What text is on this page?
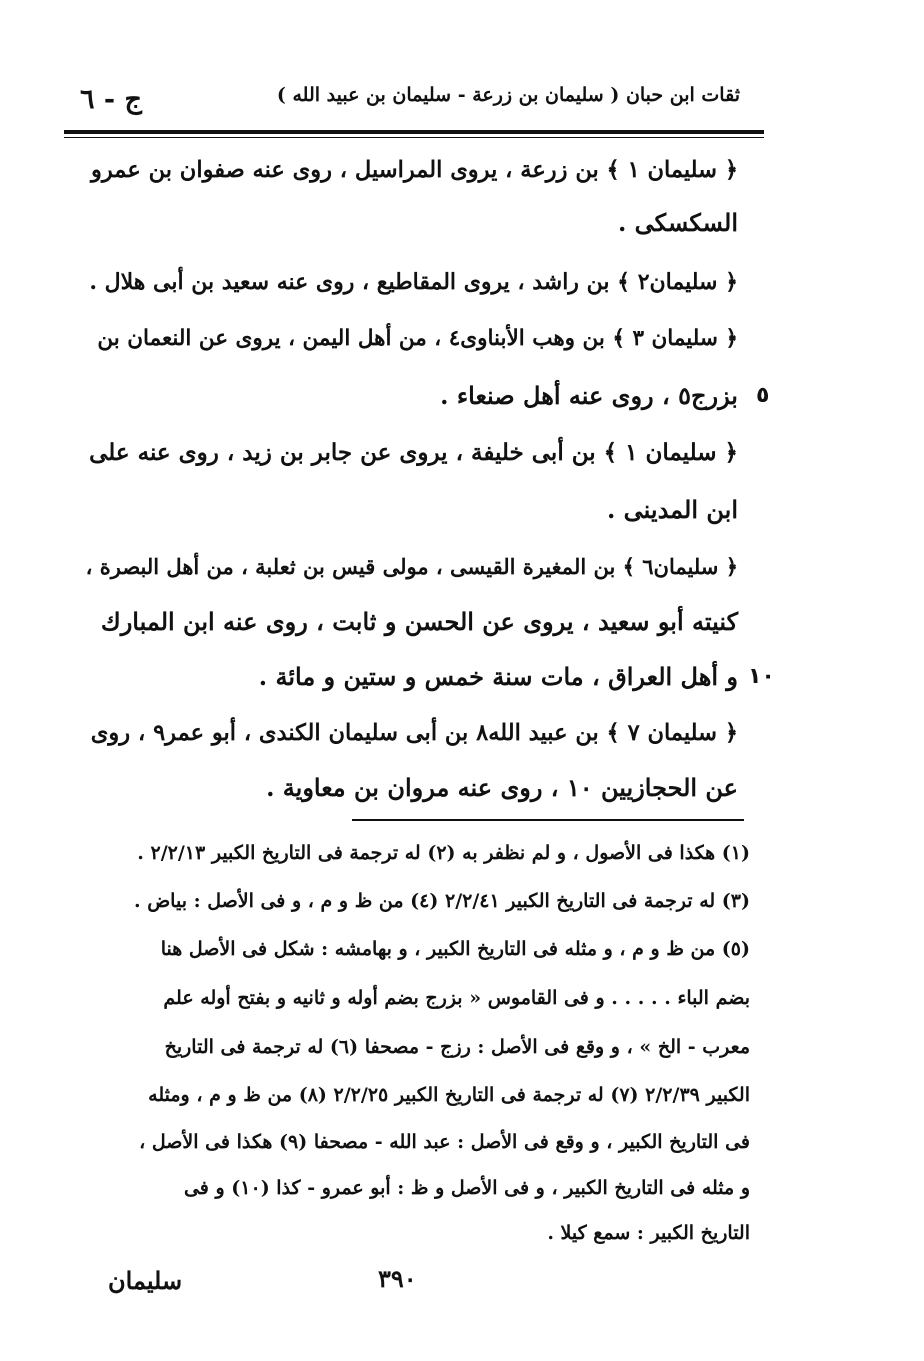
ثقات ابن حبان ( سليمان بن زرعة - سليمان بن عبيد الله )
ج - ٦
﴿ سليمان ١ ﴾ بن زرعة ، يروى المراسيل ، روى عنه صفوان بن عمرو
السكسكى .
﴿ سليمان٢ ﴾ بن راشد ، يروى المقاطيع ، روى عنه سعيد بن أبى هلال .
﴿ سليمان ٣ ﴾ بن وهب الأبناوى٤ ، من أهل اليمن ، يروى عن النعمان بن
بزرج٥ ، روى عنه أهل صنعاء .
﴿ سليمان ١ ﴾ بن أبى خليفة ، يروى عن جابر بن زيد ، روى عنه على
ابن المدينى .
﴿ سليمان٦ ﴾ بن المغيرة القيسى ، مولى قيس بن ثعلبة ، من أهل البصرة ،
كنيته أبو سعيد ، يروى عن الحسن و ثابت ، روى عنه ابن المبارك
و أهل العراق ، مات سنة خمس و ستين و مائة .
﴿ سليمان ٧ ﴾ بن عبيد الله٨ بن أبى سليمان الكندى ، أبو عمر٩ ، روى
عن الحجازيين ١٠ ، روى عنه مروان بن معاوية .
٥
١٠
(١) هكذا فى الأصول ، و لم نظفر به (٢) له ترجمة فى التاريخ الكبير ٢/٢/١٣ .
(٣) له ترجمة فى التاريخ الكبير ٢/٢/٤١ (٤) من ظ و م ، و فى الأصل : بياض .
(٥) من ظ و م ، و مثله فى التاريخ الكبير ، و بهامشه : شكل فى الأصل هنا
بضم الباء . . . . . و فى القاموس « بزرج بضم أوله و ثانيه و بفتح أوله علم
معرب - الخ » ، و وقع فى الأصل : رزج - مصحفا (٦) له ترجمة فى التاريخ
الكبير ٢/٢/٣٩ (٧) له ترجمة فى التاريخ الكبير ٢/٢/٢٥ (٨) من ظ و م ، ومثله
فى التاريخ الكبير ، و وقع فى الأصل : عبد الله - مصحفا (٩) هكذا فى الأصل ،
و مثله فى التاريخ الكبير ، و فى الأصل و ظ : أبو عمرو - كذا (١٠) و فى
التاريخ الكبير : سمع كيلا .
٣٩٠
سليمان
